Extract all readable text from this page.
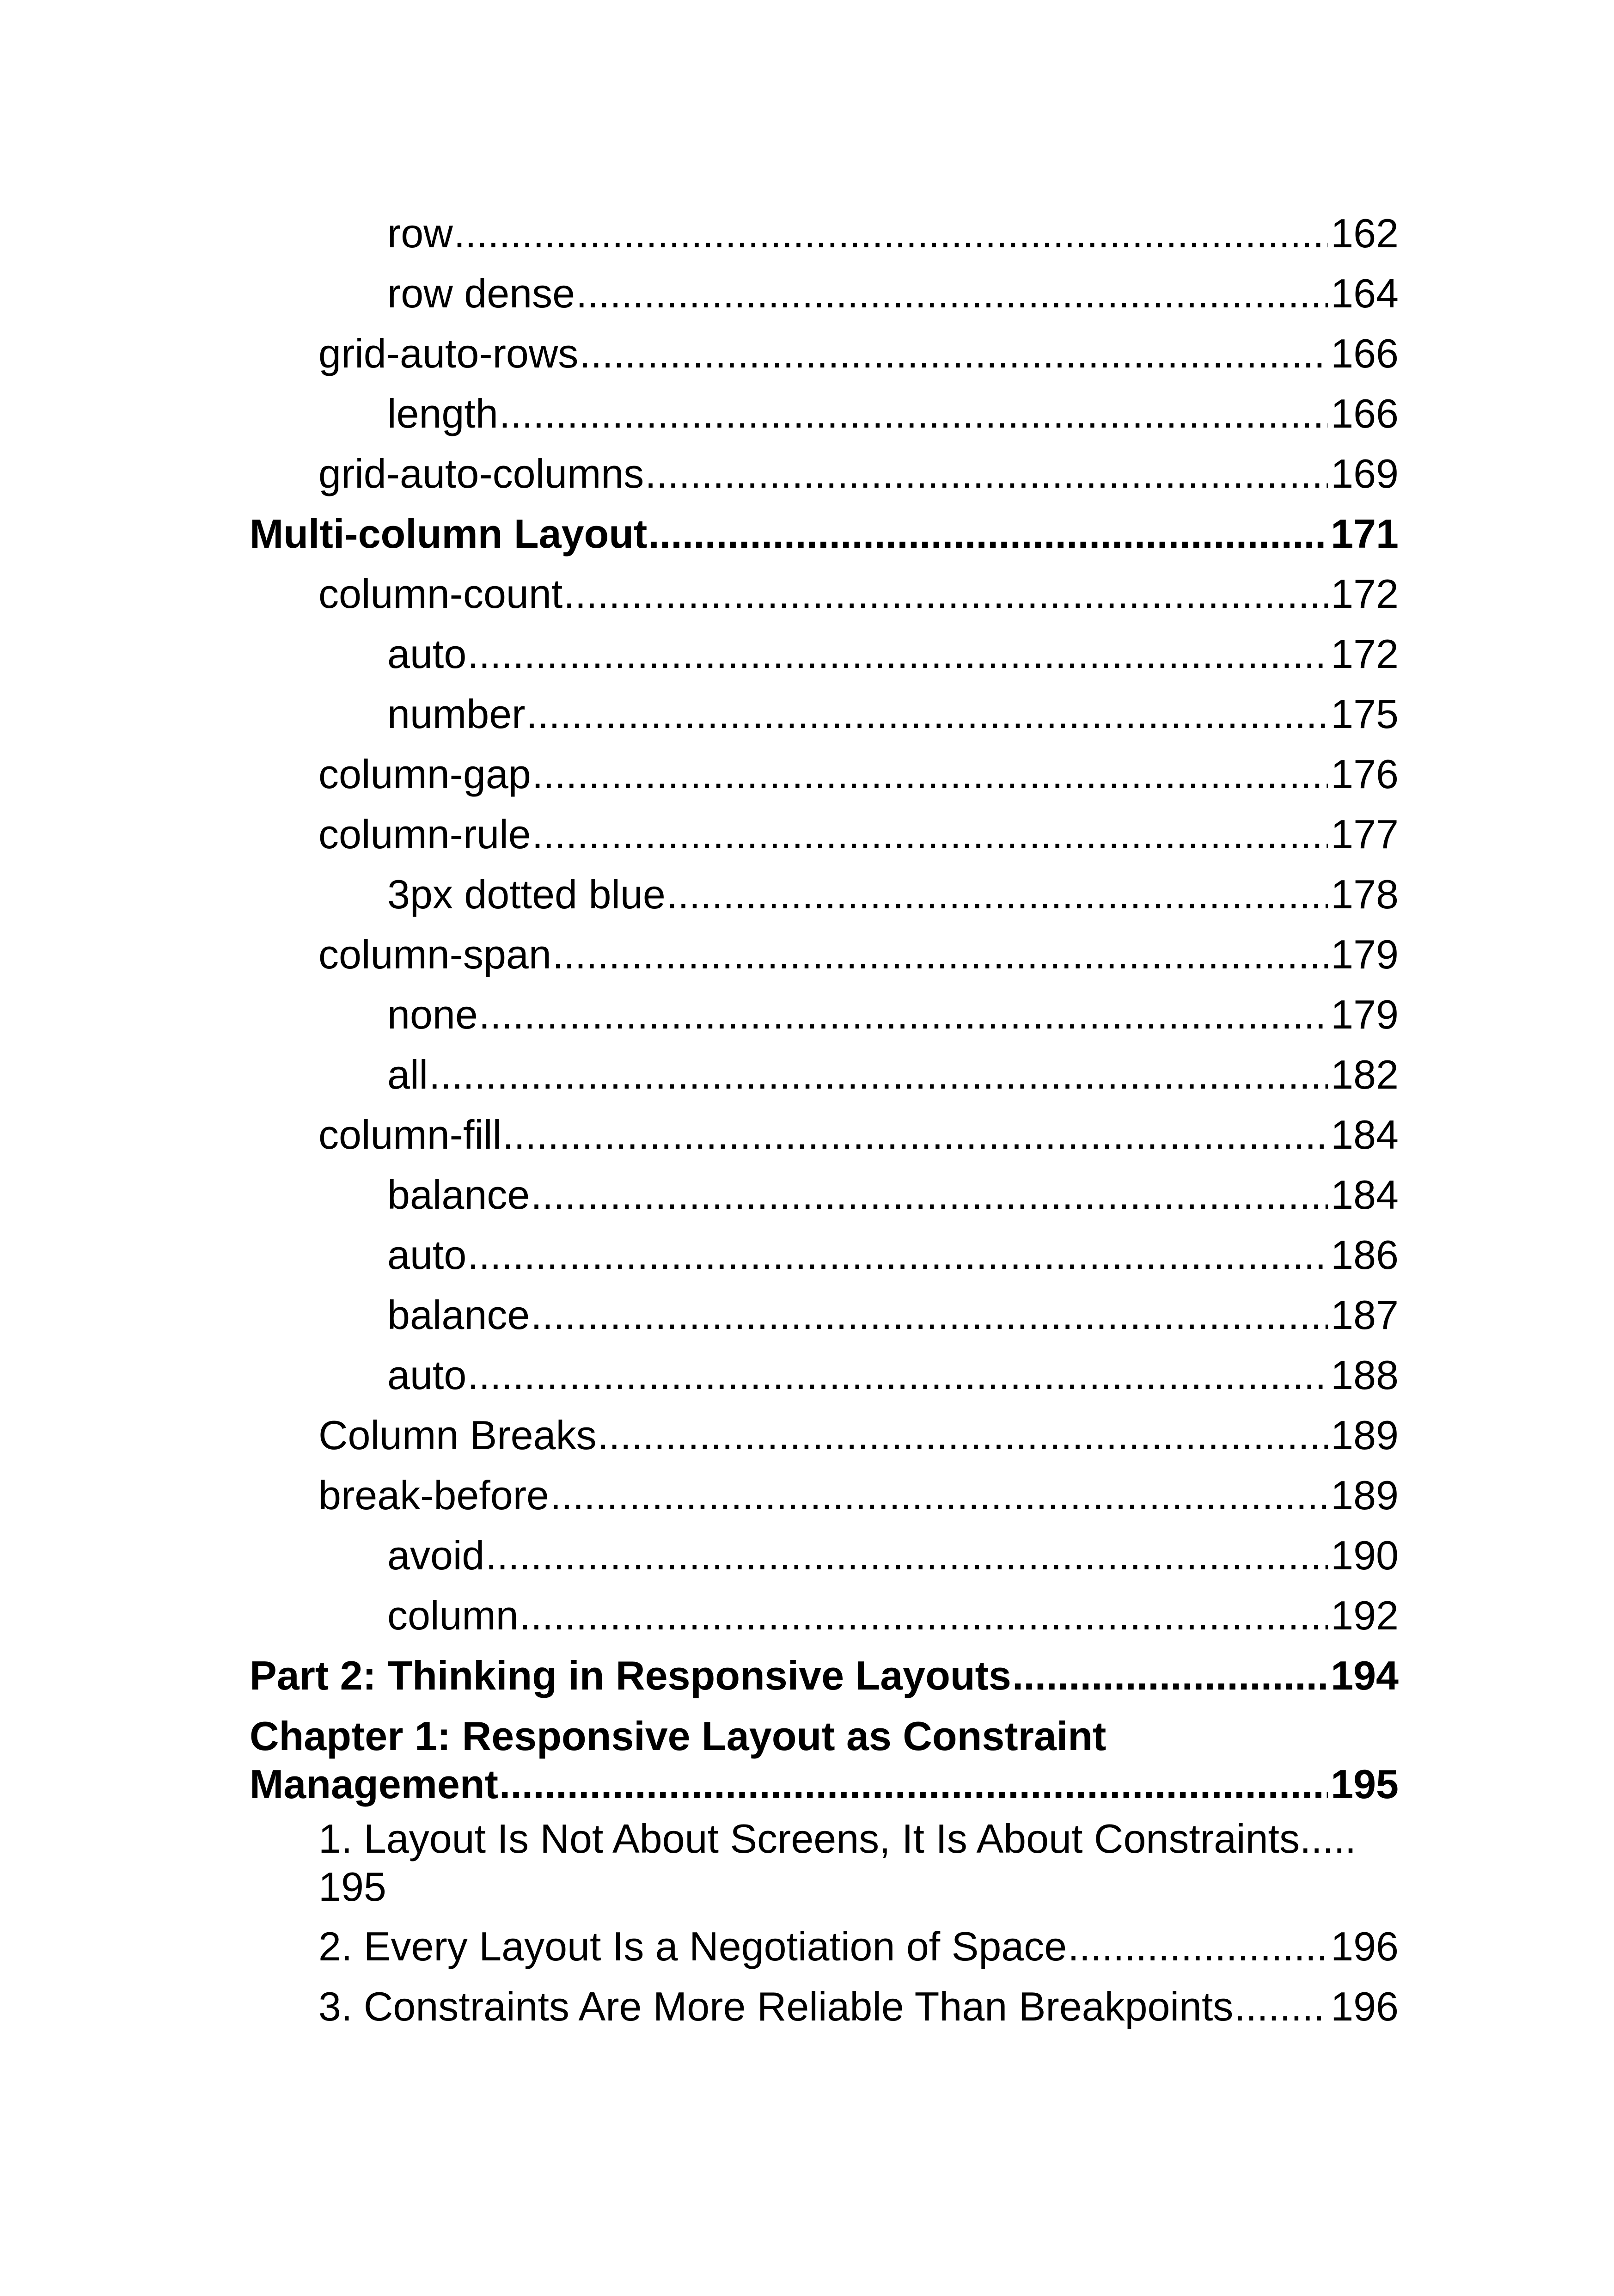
row .....	162
row dense .....	164
grid-auto-rows .....	166
length .....	166
grid-auto-columns .....	169
Multi-column Layout .....	171
column-count .....	172
auto .....	172
number .....	175
column-gap .....	176
column-rule .....	177
3px dotted blue .....	178
column-span .....	179
none .....	179
all .....	182
column-fill .....	184
balance .....	184
auto .....	186
balance .....	187
auto .....	188
Column Breaks .....	189
break-before .....	189
avoid .....	190
column .....	192
Part 2: Thinking in Responsive Layouts .....	194
Chapter 1: Responsive Layout as Constraint
Management .....	195
1. Layout Is Not About Screens, It Is About Constraints .....
195
2. Every Layout Is a Negotiation of Space .....	196
3. Constraints Are More Reliable Than Breakpoints ..... 196
